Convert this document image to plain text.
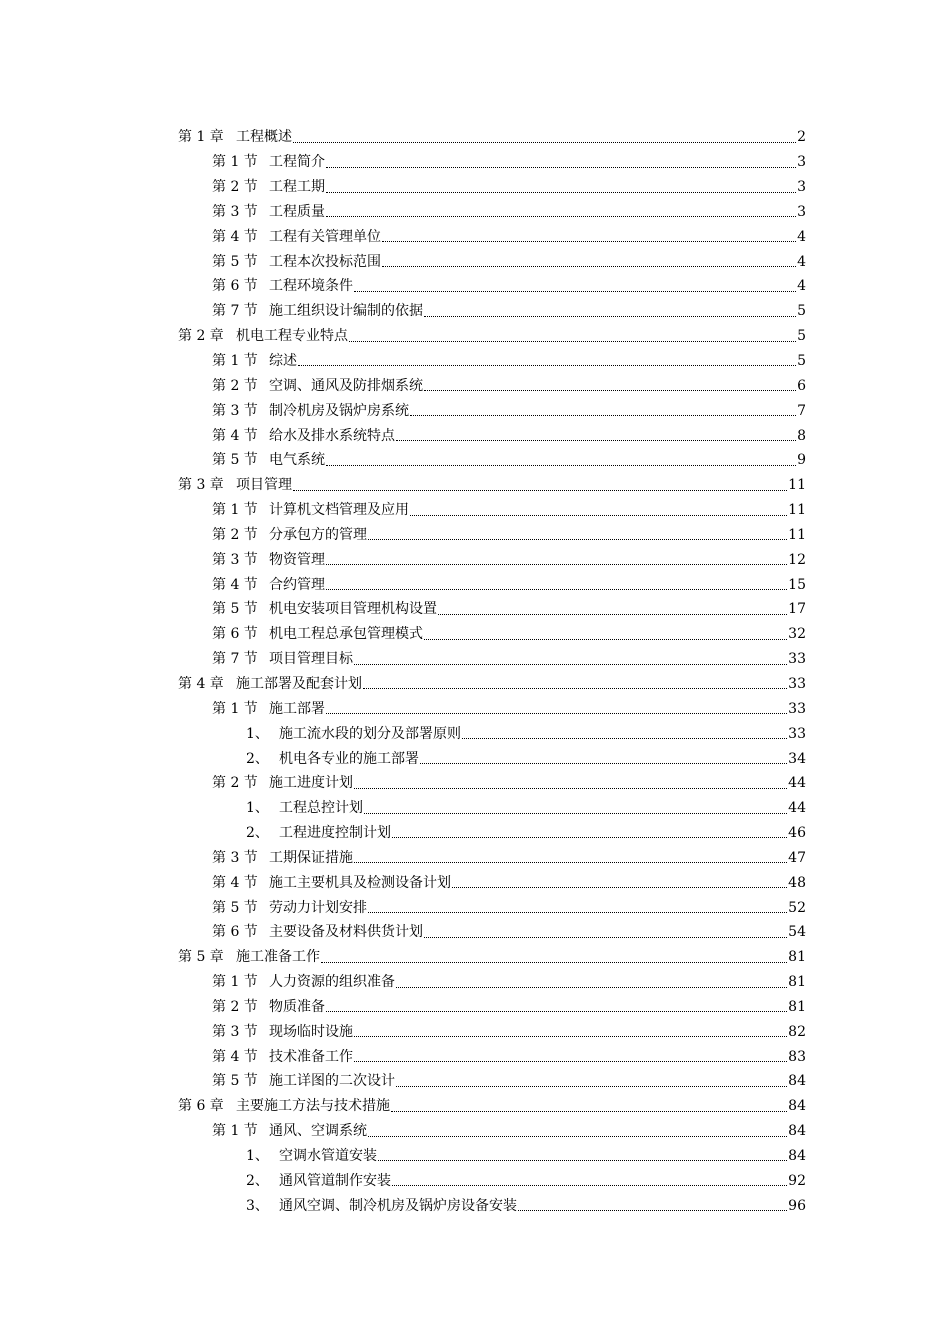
第 1 章 工程概述	2
第 1 节 工程简介	3
第 2 节 工程工期	3
第 3 节 工程质量	3
第 4 节 工程有关管理单位	4
第 5 节 工程本次投标范围	4
第 6 节 工程环境条件	4
第 7 节 施工组织设计编制的依据	5
第 2 章 机电工程专业特点	5
第 1 节 综述	5
第 2 节 空调、通风及防排烟系统	6
第 3 节 制冷机房及锅炉房系统	7
第 4 节 给水及排水系统特点	8
第 5 节 电气系统	9
第 3 章 项目管理	11
第 1 节 计算机文档管理及应用	11
第 2 节 分承包方的管理	11
第 3 节 物资管理	12
第 4 节 合约管理	15
第 5 节 机电安装项目管理机构设置	17
第 6 节 机电工程总承包管理模式	32
第 7 节 项目管理目标	33
第 4 章 施工部署及配套计划	33
第 1 节 施工部署	33
1、 施工流水段的划分及部署原则	33
2、 机电各专业的施工部署	34
第 2 节 施工进度计划	44
1、 工程总控计划	44
2、 工程进度控制计划	46
第 3 节 工期保证措施	47
第 4 节 施工主要机具及检测设备计划	48
第 5 节 劳动力计划安排	52
第 6 节 主要设备及材料供货计划	54
第 5 章 施工准备工作	81
第 1 节 人力资源的组织准备	81
第 2 节 物质准备	81
第 3 节 现场临时设施	82
第 4 节 技术准备工作	83
第 5 节 施工详图的二次设计	84
第 6 章 主要施工方法与技术措施	84
第 1 节 通风、空调系统	84
1、 空调水管道安装	84
2、 通风管道制作安装	92
3、 通风空调、制冷机房及锅炉房设备安装	96
